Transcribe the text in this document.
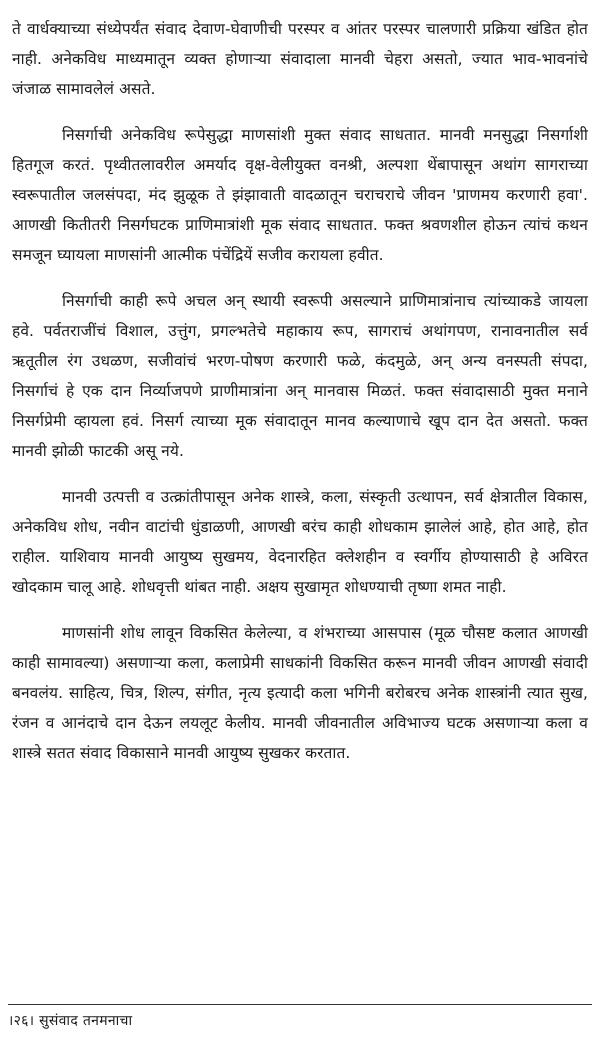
ते वार्धक्याच्या संध्येपर्यंत संवाद देवाण-घेवाणीची परस्पर व आंतर परस्पर चालणारी प्रक्रिया खंडित होत नाही. अनेकविध माध्यमातून व्यक्त होणाऱ्या संवादाला मानवी चेहरा असतो, ज्यात भाव-भावनांचे जंजाळ सामावलेलं असते.

निसर्गाची अनेकविध रूपेसुद्धा माणसांशी मुक्त संवाद साधतात. मानवी मनसुद्धा निसर्गाशी हितगूज करतं. पृथ्वीतलावरील अमर्याद वृक्ष-वेलीयुक्त वनश्री, अल्पशा थेंबापासून अथांग सागराच्या स्वरूपातील जलसंपदा, मंद झुळूक ते झंझावाती वादळातून चराचराचे जीवन 'प्राणमय करणारी हवा'. आणखी कितीतरी निसर्गघटक प्राणिमात्रांशी मूक संवाद साधतात. फक्त श्रवणशील होऊन त्यांचं कथन समजून घ्यायला माणसांनी आत्मीक पंचेंद्रियें सजीव करायला हवीत.

निसर्गाची काही रूपे अचल अन् स्थायी स्वरूपी असल्याने प्राणिमात्रांनाच त्यांच्याकडे जायला हवे. पर्वतराजींचं विशाल, उत्तुंग, प्रगल्भतेचे महाकाय रूप, सागराचं अथांगपण, रानावनातील सर्व ऋतूतील रंग उधळण, सजीवांचं भरण-पोषण करणारी फळे, कंदमुळे, अन् अन्य वनस्पती संपदा, निसर्गाचं हे एक दान निर्व्याजपणे प्राणीमात्रांना अन् मानवास मिळतं. फक्त संवादासाठी मुक्त मनाने निसर्गप्रेमी व्हायला हवं. निसर्ग त्याच्या मूक संवादातून मानव कल्याणाचे खूप दान देत असतो. फक्त मानवी झोळी फाटकी असू नये.

मानवी उत्पत्ती व उत्क्रांतीपासून अनेक शास्त्रे, कला, संस्कृती उत्थापन, सर्व क्षेत्रातील विकास, अनेकविध शोध, नवीन वाटांची धुंडाळणी, आणखी बरंच काही शोधकाम झालेलं आहे, होत आहे, होत राहील. याशिवाय मानवी आयुष्य सुखमय, वेदनारहित क्लेशहीन व स्वर्गीय होण्यासाठी हे अविरत खोदकाम चालू आहे. शोधवृत्ती थांबत नाही. अक्षय सुखामृत शोधण्याची तृष्णा शमत नाही.

माणसांनी शोध लावून विकसित केलेल्या, व शंभराच्या आसपास (मूळ चौसष्ट कलात आणखी काही सामावल्या) असणाऱ्या कला, कलाप्रेमी साधकांनी विकसित करून मानवी जीवन आणखी संवादी बनवलंय. साहित्य, चित्र, शिल्प, संगीत, नृत्य इत्यादी कला भगिनी बरोबरच अनेक शास्त्रांनी त्यात सुख, रंजन व आनंदाचे दान देऊन लयलूट केलीय. मानवी जीवनातील अविभाज्य घटक असणाऱ्या कला व शास्त्रे सतत संवाद विकासाने मानवी आयुष्य सुखकर करतात.

।२६। सुसंवाद तनमनाचा
